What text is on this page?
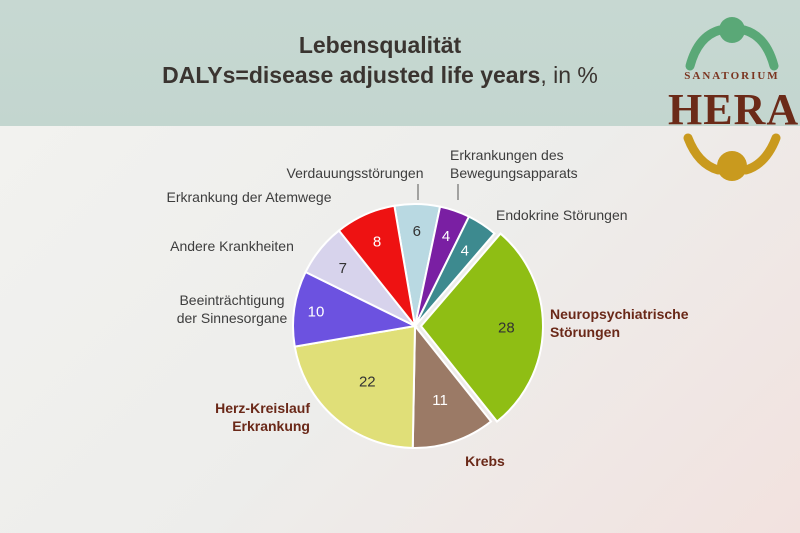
Lebensqualität
DALYs=disease adjusted life years, in %	SANATORIUM
HERA
6 4
4
28
11
22
10
7
8
Verdauungsstörungen
Erkrankungen des
Bewegungsapparats
Endokrine Störungen
Neuropsychiatrische
Störungen
Krebs
Herz-Kreislauf
Erkrankung
Beeinträchtigung
der Sinnesorgane
Andere Krankheiten
Erkrankung der Atemwege
